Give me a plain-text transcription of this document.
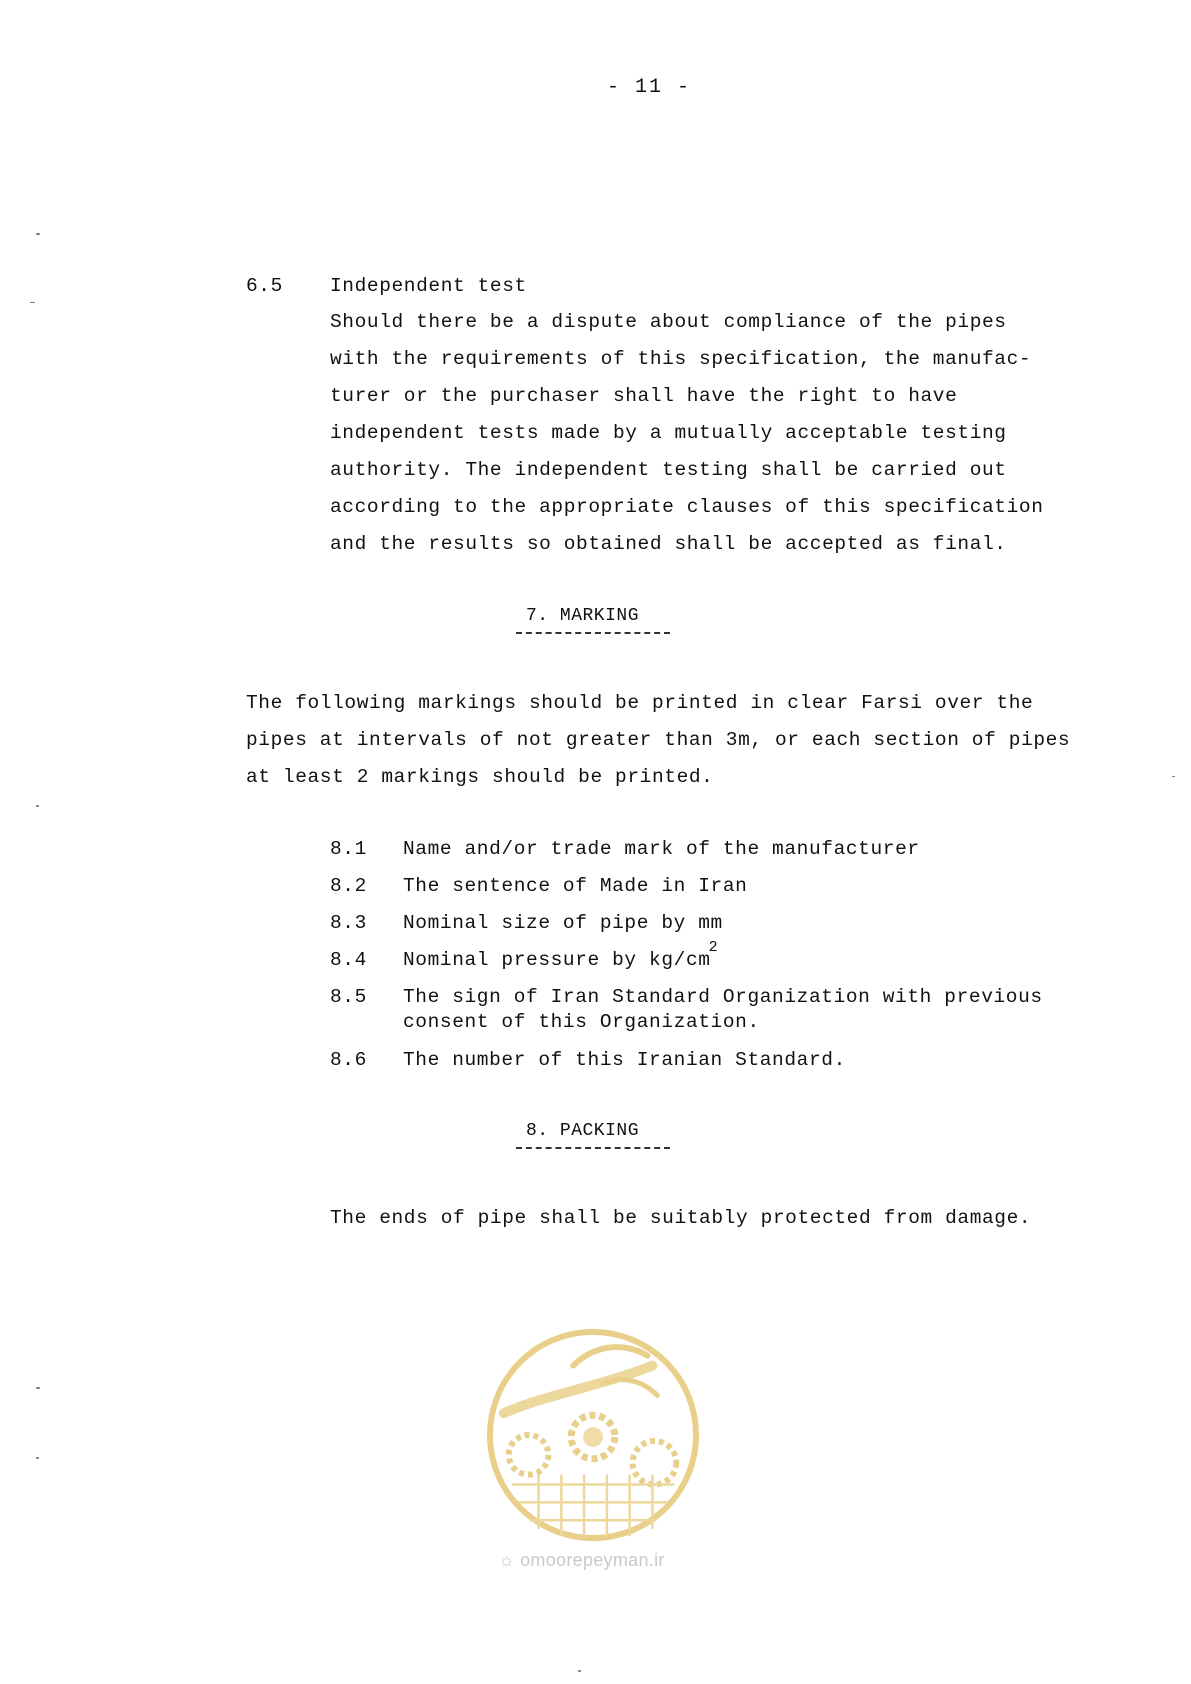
- 11 -
6.5 Independent test
Should there be a dispute about compliance of the pipes
with the requirements of this specification, the manufac-
turer or the purchaser shall have the right to have
independent tests made by a mutually acceptable testing
authority. The independent testing shall be carried out
according to the appropriate clauses of this specification
and the results so obtained shall be accepted as final.
7. MARKING
The following markings should be printed in clear Farsi over the
pipes at intervals of not greater than 3m, or each section of pipes
at least 2 markings should be printed.
8.1 Name and/or trade mark of the manufacturer
8.2 The sentence of Made in Iran
8.3 Nominal size of pipe by mm
8.4 Nominal pressure by $kg/cm^2$
8.5 The sign of Iran Standard Organization with previous
consent of this Organization.
8.6 The number of this Iranian Standard.
8. PACKING
The ends of pipe shall be suitably protected from damage.
☼ omoorepeyman.ir
